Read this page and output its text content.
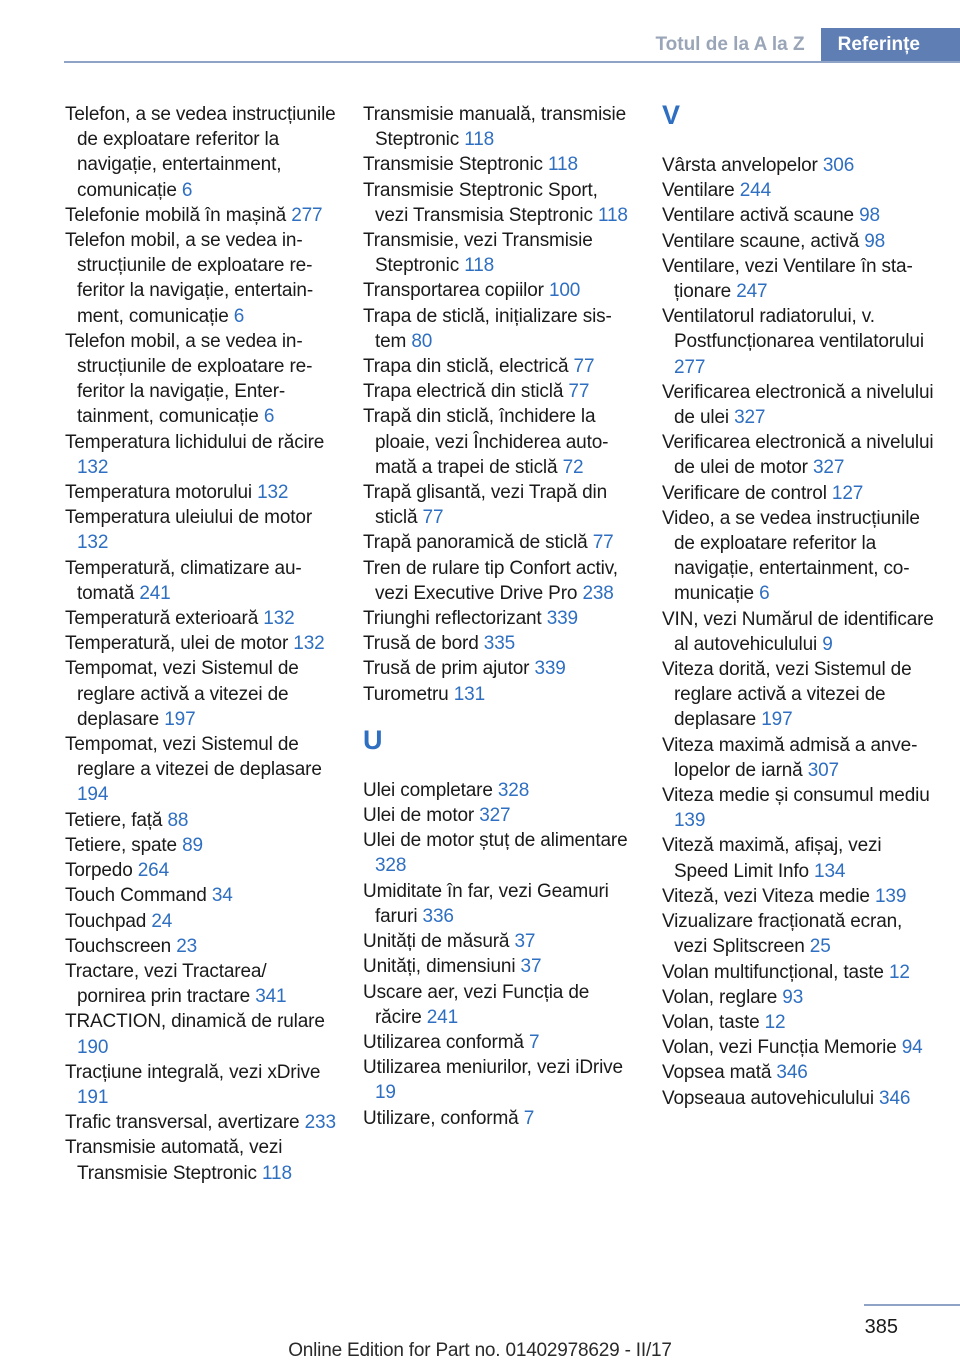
Totul de la A la Z	Referințe
Telefon, a se vedea instrucțiunile de exploatare referitor la navigație, entertainment, comunicație 6
Telefonie mobilă în mașină 277
Telefon mobil, a se vedea instrucțiunile de exploatare referitor la navigație, entertainment, comunicație 6
Telefon mobil, a se vedea instrucțiunile de exploatare referitor la navigație, Entertainment, comunicație 6
Temperatura lichidului de răcire 132
Temperatura motorului 132
Temperatura uleiului de motor 132
Temperatură, climatizare automată 241
Temperatură exterioară 132
Temperatură, ulei de motor 132
Tempomat, vezi Sistemul de reglare activă a vitezei de deplasare 197
Tempomat, vezi Sistemul de reglare a vitezei de deplasare 194
Tetiere, față 88
Tetiere, spate 89
Torpedo 264
Touch Command 34
Touchpad 24
Touchscreen 23
Tractare, vezi Tractarea/ pornirea prin tractare 341
TRACTION, dinamică de rulare 190
Tracțiune integrală, vezi xDrive 191
Trafic transversal, avertizare 233
Transmisie automată, vezi Transmisie Steptronic 118
Transmisie manuală, transmisie Steptronic 118
Transmisie Steptronic 118
Transmisie Steptronic Sport, vezi Transmisia Steptronic 118
Transmisie, vezi Transmisie Steptronic 118
Transportarea copiilor 100
Trapa de sticlă, inițializare sistem 80
Trapa din sticlă, electrică 77
Trapa electrică din sticlă 77
Trapă din sticlă, închidere la ploaie, vezi Închiderea automată a trapei de sticlă 72
Trapă glisantă, vezi Trapă din sticlă 77
Trapă panoramică de sticlă 77
Tren de rulare tip Confort activ, vezi Executive Drive Pro 238
Triunghi reflectorizant 339
Trusă de bord 335
Trusă de prim ajutor 339
Turometru 131
U
Ulei completare 328
Ulei de motor 327
Ulei de motor ștuț de alimentare 328
Umiditate în far, vezi Geamuri faruri 336
Unități de măsură 37
Unități, dimensiuni 37
Uscare aer, vezi Funcția de răcire 241
Utilizarea conformă 7
Utilizarea meniurilor, vezi iDrive 19
Utilizare, conformă 7
V
Vârsta anvelopelor 306
Ventilare 244
Ventilare activă scaune 98
Ventilare scaune, activă 98
Ventilare, vezi Ventilare în staționare 247
Ventilatorul radiatorului, v. Postfuncționarea ventilatorului 277
Verificarea electronică a nivelului de ulei 327
Verificarea electronică a nivelului de ulei de motor 327
Verificare de control 127
Video, a se vedea instrucțiunile de exploatare referitor la navigație, entertainment, comunicație 6
VIN, vezi Numărul de identificare al autovehiculului 9
Viteza dorită, vezi Sistemul de reglare activă a vitezei de deplasare 197
Viteza maximă admisă a anvelopelor de iarnă 307
Viteza medie și consumul mediu 139
Viteză maximă, afișaj, vezi Speed Limit Info 134
Viteză, vezi Viteza medie 139
Vizualizare fracționată ecran, vezi Splitscreen 25
Volan multifuncțional, taste 12
Volan, reglare 93
Volan, taste 12
Volan, vezi Funcția Memorie 94
Vopsea mată 346
Vopseaua autovehiculului 346
385
Online Edition for Part no. 01402978629 - II/17
